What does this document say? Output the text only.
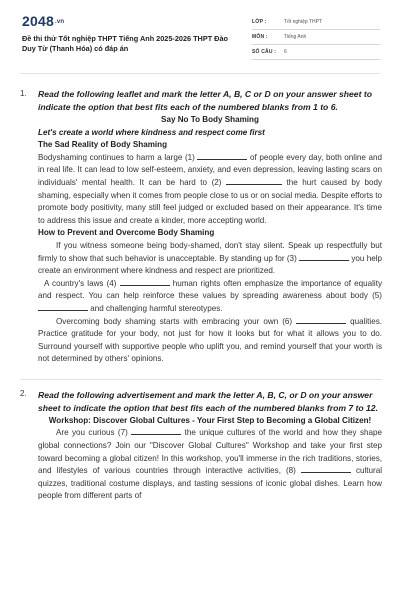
2048.vn
Đề thi thử Tốt nghiệp THPT Tiếng Anh 2025-2026 THPT Đào Duy Từ (Thanh Hóa) có đáp án
LỚP :	Tốt nghiệp THPT
MÔN :	Tiếng Anh
SỐ CÂU :	6
1.	Read the following leaflet and mark the letter A, B, C or D on your answer sheet to indicate the option that best fits each of the numbered blanks from 1 to 6.
Say No To Body Shaming
Let's create a world where kindness and respect come first
The Sad Reality of Body Shaming

Bodyshaming continues to harm a large (1)	of people every day, both online and in real life. It can lead to low self-esteem, anxiety, and even depression, leaving lasting scars on individuals' mental health. It can be hard to (2)	the hurt caused by body shaming, especially when it comes from people close to us or on social media. Despite efforts to promote body positivity, many still feel judged or excluded based on their appearance. It's time to address this issue and create a kinder, more accepting world.

How to Prevent and Overcome Body Shaming

If you witness someone being body-shamed, don't stay silent. Speak up respectfully but firmly to show that such behavior is unacceptable. By standing up for (3)	you help create an environment where kindness and respect are prioritized.

A country's laws (4)	human rights often emphasize the importance of equality and respect. You can help reinforce these values by spreading awareness about body (5)  and challenging harmful stereotypes.

Overcoming body shaming starts with embracing your own (6)	qualities. Practice gratitude for your body, not just for how it looks but for what it allows you to do. Surround yourself with supportive people who uplift you, and remind yourself that your worth is not determined by others' opinions.

2.	Read the following advertisement and mark the letter A, B, C, or D on your answer sheet to indicate the option that best fits each of the numbered blanks from 7 to 12.
Workshop: Discover Global Cultures - Your First Step to Becoming a Global Citizen!

Are you curious (7)	the unique cultures of the world and how they shape global connections? Join our "Discover Global Cultures" Workshop and take your first step toward becoming a global citizen! In this workshop, you'll immerse in the rich traditions, stories, and lifestyles of various countries through interactive activities, (8)	cultural quizzes, traditional costume displays, and tasting sessions of iconic global dishes. Learn how people from different parts of
